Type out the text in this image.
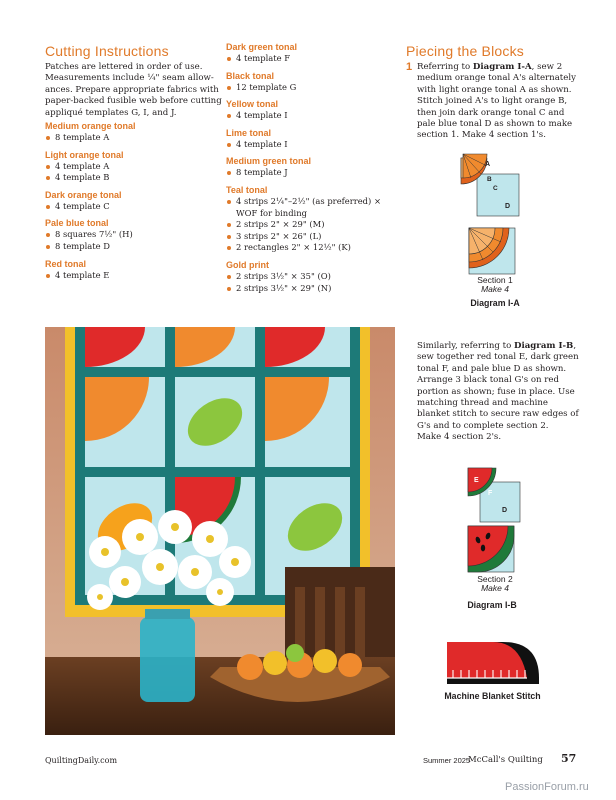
Cutting Instructions
Patches are lettered in order of use.
Measurements include ¼" seam allow-
ances. Prepare appropriate fabrics with
paper-backed fusible web before cutting
appliqué templates G, I, and J.
Medium orange tonal
8 template A
Light orange tonal
4 template A
4 template B
Dark orange tonal
4 template C
Pale blue tonal
8 squares 7½" (H)
8 template D
Red tonal
4 template E
Dark green tonal
4 template F
Black tonal
12 template G
Yellow tonal
4 template I
Lime tonal
4 template I
Medium green tonal
8 template J
Teal tonal
4 strips 2¼"–2½" (as preferred) ×
WOF for binding
2 strips 2" × 29" (M)
3 strips 2" × 26" (L)
2 rectangles 2" × 12½" (K)
Gold print
2 strips 3½" × 35" (O)
2 strips 3½" × 29" (N)
Piecing the Blocks
1 Referring to Diagram I-A, sew 2
medium orange tonal A's alternately
with light orange tonal A as shown.
Stitch joined A's to light orange B,
then join dark orange tonal C and
pale blue tonal D as shown to make
section 1. Make 4 section 1's.
A
B
C
D
Section 1
Make 4
Diagram I-A
Similarly, referring to Diagram I-B,
sew together red tonal E, dark green
tonal F, and pale blue D as shown.
Arrange 3 black tonal G's on red
portion as shown; fuse in place. Use
matching thread and machine
blanket stitch to secure raw edges of
G's and to complete section 2.
Make 4 section 2's.
E
F
D
Section 2
Make 4
Diagram I-B
Machine Blanket Stitch
QuiltingDaily.com	Summer 2025
McCall's Quilting 57
PassionForum.ru
